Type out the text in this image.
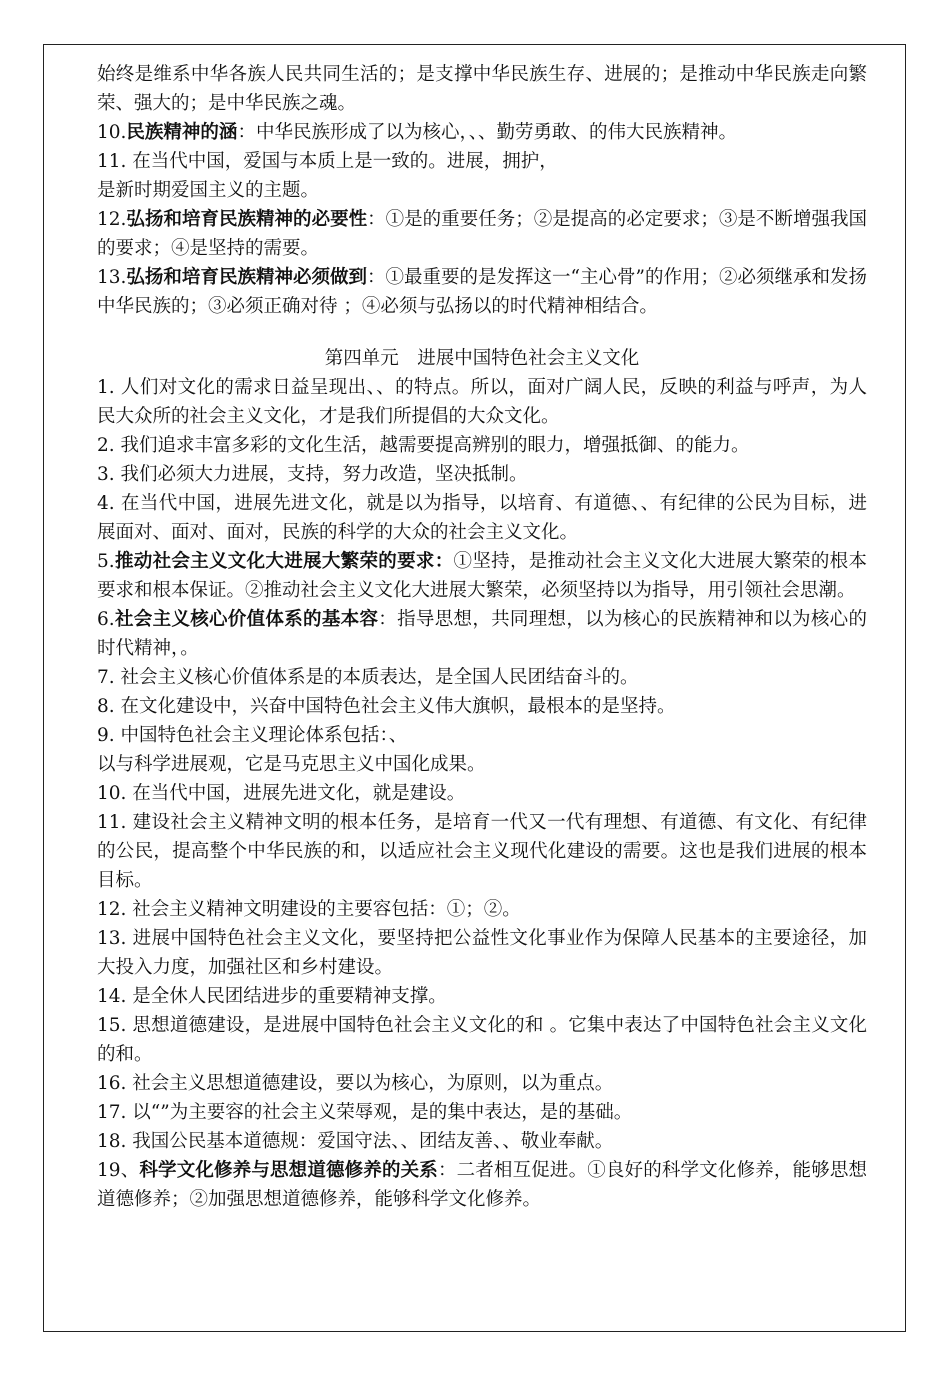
始终是维系中华各族人民共同生活的；是支撑中华民族生存、进展的；是推动中华民族走向繁荣、强大的；是中华民族之魂。

10.民族精神的涵：中华民族形成了以为核心，、、勤劳勇敢、的伟大民族精神。

11. 在当代中国，爱国与本质上是一致的。进展，拥护，

是新时期爱国主义的主题。

12.弘扬和培育民族精神的必要性：①是的重要任务；②是提高的必定要求；③是不断增强我国的要求；④是坚持的需要。

13.弘扬和培育民族精神必须做到：①最重要的是发挥这一“主心骨”的作用；②必须继承和发扬中华民族的；③必须正确对待 ；④必须与弘扬以的时代精神相结合。

第四单元　进展中国特色社会主义文化

1. 人们对文化的需求日益呈现出、、的特点。所以，面对广阔人民，反映的利益与呼声，为人民大众所的社会主义文化，才是我们所提倡的大众文化。

2. 我们追求丰富多彩的文化生活，越需要提高辨别的眼力，增强抵御、的能力。

3. 我们必须大力进展，支持，努力改造，坚决抵制。

4. 在当代中国，进展先进文化，就是以为指导，以培育、有道德、、有纪律的公民为目标，进展面对、面对、面对，民族的科学的大众的社会主义文化。

5.推动社会主义文化大进展大繁荣的要求：①坚持，是推动社会主义文化大进展大繁荣的根本要求和根本保证。②推动社会主义文化大进展大繁荣，必须坚持以为指导，用引领社会思潮。

6.社会主义核心价值体系的基本容：指导思想，共同理想，以为核心的民族精神和以为核心的时代精神，。

7. 社会主义核心价值体系是的本质表达，是全国人民团结奋斗的。

8. 在文化建设中，兴奋中国特色社会主义伟大旗帜，最根本的是坚持。

9. 中国特色社会主义理论体系包括：、

以与科学进展观，它是马克思主义中国化成果。

10. 在当代中国，进展先进文化，就是建设。

11. 建设社会主义精神文明的根本任务，是培育一代又一代有理想、有道德、有文化、有纪律的公民，提高整个中华民族的和，以适应社会主义现代化建设的需要。这也是我们进展的根本目标。

12. 社会主义精神文明建设的主要容包括：①；②。

13. 进展中国特色社会主义文化，要坚持把公益性文化事业作为保障人民基本的主要途径，加大投入力度，加强社区和乡村建设。

14. 是全休人民团结进步的重要精神支撑。

15. 思想道德建设，是进展中国特色社会主义文化的和 。它集中表达了中国特色社会主义文化的和。

16. 社会主义思想道德建设，要以为核心，为原则，以为重点。

17. 以“”为主要容的社会主义荣辱观，是的集中表达，是的基础。

18. 我国公民基本道德规：爱国守法、、团结友善、、敬业奉献。

19、科学文化修养与思想道德修养的关系：二者相互促进。①良好的科学文化修养，能够思想道德修养；②加强思想道德修养，能够科学文化修养。
